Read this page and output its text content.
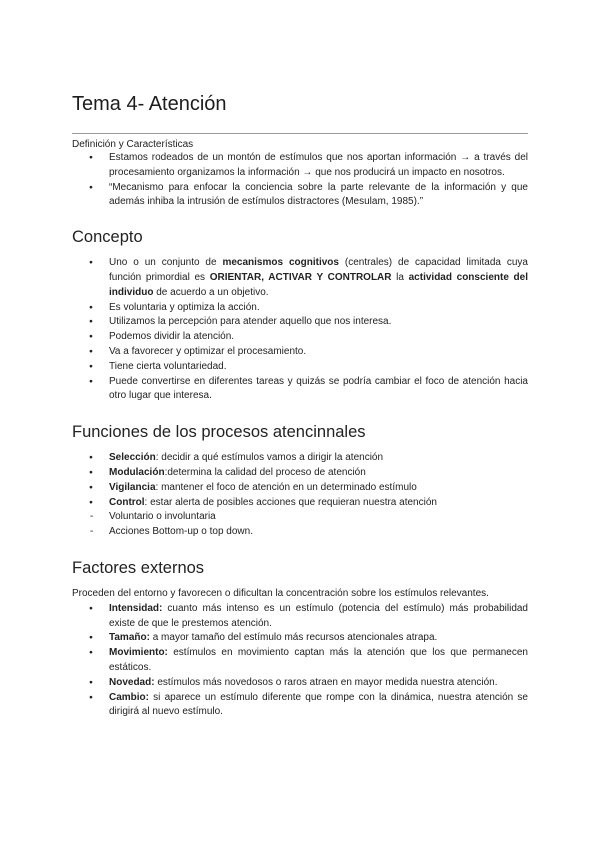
Tema 4- Atención

Definición y Características

● Estamos rodeados de un montón de estímulos que nos aportan información → a través del procesamiento organizamos la información → que nos producirá un impacto en nosotros.
● “Mecanismo para enfocar la conciencia sobre la parte relevante de la información y que además inhiba la intrusión de estímulos distractores (Mesulam, 1985).”
Concepto
● Uno o un conjunto de mecanismos cognitivos (centrales) de capacidad limitada cuya función primordial es ORIENTAR, ACTIVAR Y CONTROLAR la actividad consciente del individuo de acuerdo a un objetivo.
● Es voluntaria y optimiza la acción.
● Utilizamos la percepción para atender aquello que nos interesa.
● Podemos dividir la atención.
● Va a favorecer y optimizar el procesamiento.
● Tiene cierta voluntariedad.
● Puede convertirse en diferentes tareas y quizás se podría cambiar el foco de atención hacia otro lugar que interesa.
Funciones de los procesos atencinnales
● Selección: decidir a qué estímulos vamos a dirigir la atención
● Modulación:determina la calidad del proceso de atención
● Vigilancia: mantener el foco de atención en un determinado estímulo
● Control: estar alerta de posibles acciones que requieran nuestra atención
- Voluntario o involuntaria
- Acciones Bottom-up o top down.
Factores externos

Proceden del entorno y favorecen o dificultan la concentración sobre los estímulos relevantes.

● Intensidad: cuanto más intenso es un estímulo (potencia del estímulo) más probabilidad existe de que le prestemos atención.
● Tamaño: a mayor tamaño del estímulo más recursos atencionales atrapa.
● Movimiento: estímulos en movimiento captan más la atención que los que permanecen estáticos.
● Novedad: estímulos más novedosos o raros atraen en mayor medida nuestra atención.
● Cambio: si aparece un estímulo diferente que rompe con la dinámica, nuestra atención se dirigirá al nuevo estímulo.
